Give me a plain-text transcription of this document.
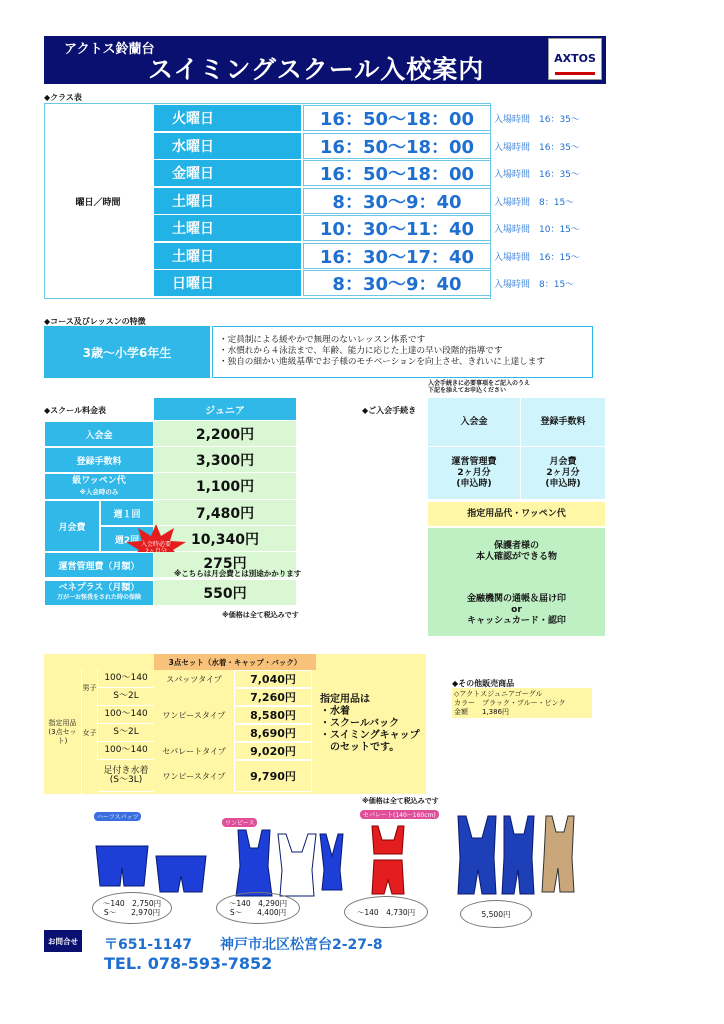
アクトス鈴蘭台
スイミングスクール入校案内	AXTOS
◆クラス表
曜日／時間
火曜日	16：50〜18：00	入場時間　16：35〜
水曜日	16：50〜18：00	入場時間　16：35〜
金曜日	16：50〜18：00	入場時間　16：35〜
土曜日	8：30〜9：40	入場時間　8：15〜
土曜日	10：30〜11：40	入場時間　10：15〜
土曜日	16：30〜17：40	入場時間　16：15〜
日曜日	8：30〜9：40	入場時間　8：15〜
◆コース及びレッスンの特徴
3歳〜小学6年生
・定員制による緩やかで無理のないレッスン体系です
・水慣れから４泳法まで、年齢、能力に応じた上達の早い段階的指導です
・独自の細かい進級基準でお子様のモチベーションを向上させ、きれいに上達します
◆スクール料金表	ジュニア
入会金	2,200円
登録手数料	3,300円
級ワッペン代
※入会時のみ	1,100円
月会費
週１回	7,480円
週2回	10,340円
入会時必要

運営管理費（月額）	275円
※こちらは月会費とは別途かかります
ベネプラス（月額）
万が一お怪我をされた時の保険	550円
※価格は全て税込みです
◆ご入会手続き
入会手続きに必要事項をご記入のうえ
下記を添えてお申込ください
入会金	登録手数料
運営管理費
2ヶ月分
(申込時)
月会費
2ヶ月分
(申込時)
指定用品代・ワッペン代
保護者様の
本人確認ができる物
金融機関の通帳＆届け印
or
キャッシュカード・認印
3点セット（水着・キャップ・バック）
指定用品
(3点セット)
男子
女子
100〜140	スパッツタイプ	7,040円
S〜2L	7,260円
100〜140	ワンピースタイプ	8,580円
S〜2L	8,690円
100〜140	セパレートタイプ	9,020円
足付き水着
(S〜3L)	ワンピースタイプ	9,790円
指定用品は
・水着
・スクールバック
・スイミングキャップ
　のセットです。
※価格は全て税込みです
◆その他販売商品
◇アクトスジュニアゴーグル
カラー　ブラック・ブルー・ピンク
金額　　1,386円
ハーフスパッツ
〜140　2,750円
S〜　　2,970円
ワンピース
〜140　4,290円
S〜　　4,400円
セパレート(140〜160cm)
〜140　4,730円	5,500円
お問合せ 〒651-1147　　神戸市北区松宮台2-27-8
TEL. 078-593-7852
